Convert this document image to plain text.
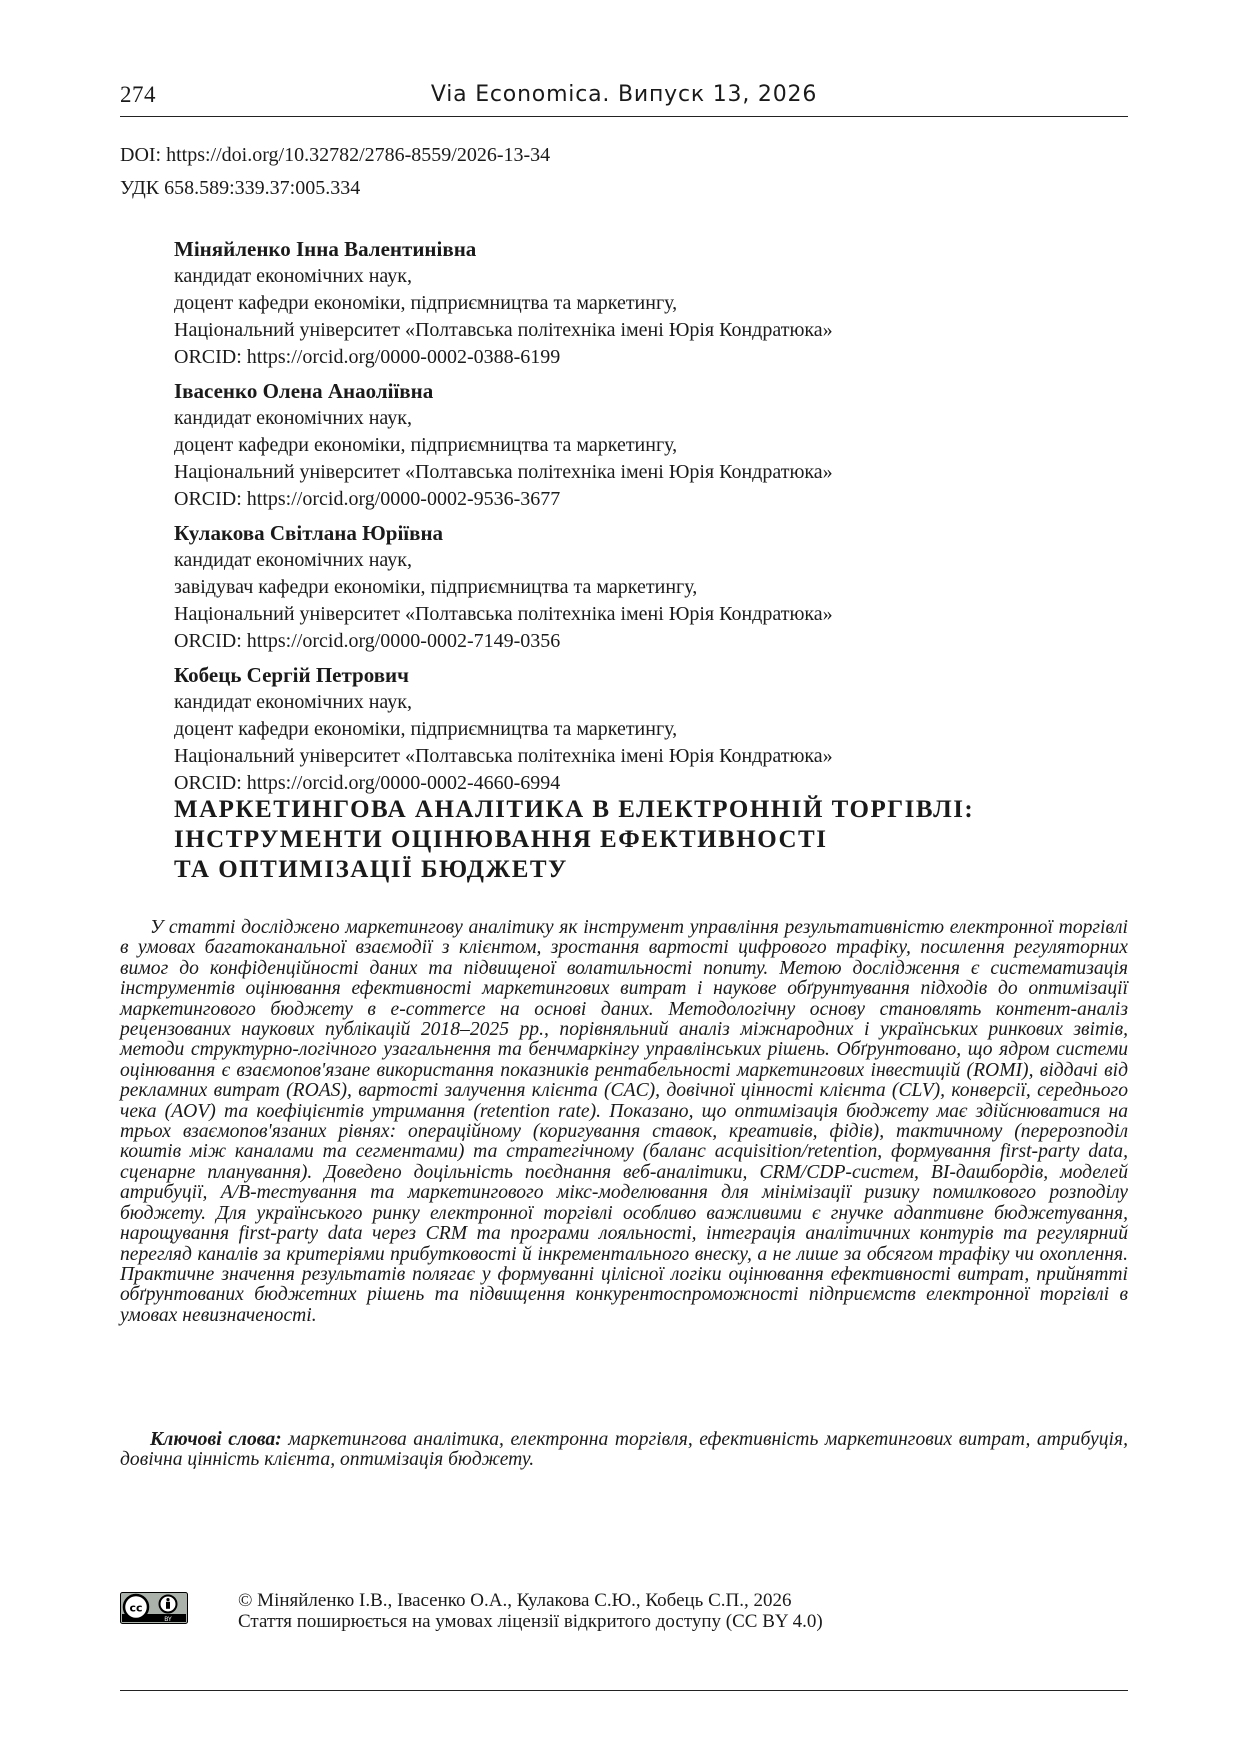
274	Via Economica. Випуск 13, 2026
DOI: https://doi.org/10.32782/2786-8559/2026-13-34
УДК 658.589:339.37:005.334
Міняйленко Інна Валентинівна
кандидат економічних наук,
доцент кафедри економіки, підприємництва та маркетингу,
Національний університет «Полтавська політехніка імені Юрія Кондратюка»
ORCID: https://orcid.org/0000-0002-0388-6199
Івасенко Олена Анаоліївна
кандидат економічних наук,
доцент кафедри економіки, підприємництва та маркетингу,
Національний університет «Полтавська політехніка імені Юрія Кондратюка»
ORCID: https://orcid.org/0000-0002-9536-3677
Кулакова Світлана Юріївна
кандидат економічних наук,
завідувач кафедри економіки, підприємництва та маркетингу,
Національний університет «Полтавська політехніка імені Юрія Кондратюка»
ORCID: https://orcid.org/0000-0002-7149-0356
Кобець Сергій Петрович
кандидат економічних наук,
доцент кафедри економіки, підприємництва та маркетингу,
Національний університет «Полтавська політехніка імені Юрія Кондратюка»
ORCID: https://orcid.org/0000-0002-4660-6994
МАРКЕТИНГОВА АНАЛІТИКА В ЕЛЕКТРОННІЙ ТОРГІВЛІ:
ІНСТРУМЕНТИ ОЦІНЮВАННЯ ЕФЕКТИВНОСТІ
ТА ОПТИМІЗАЦІЇ БЮДЖЕТУ

У статті досліджено маркетингову аналітику як інструмент управління результативністю електронної торгівлі в умовах багатоканальної взаємодії з клієнтом, зростання вартості цифрового трафіку, посилення регуляторних вимог до конфіденційності даних та підвищеної волатильності попиту. Метою дослідження є систематизація інструментів оцінювання ефективності маркетингових витрат і наукове обґрунтування підходів до оптимізації маркетингового бюджету в e-commerce на основі даних. Методологічну основу становлять контент-аналіз рецензованих наукових публікацій 2018–2025 рр., порівняльний аналіз міжнародних і українських ринкових звітів, методи структурно-логічного узагальнення та бенчмаркінгу управлінських рішень. Обґрунтовано, що ядром системи оцінювання є взаємопов'язане використання показників рентабельності маркетингових інвестицій (ROMI), віддачі від рекламних витрат (ROAS), вартості залучення клієнта (CAC), довічної цінності клієнта (CLV), конверсії, середнього чека (AOV) та коефіцієнтів утримання (retention rate). Показано, що оптимізація бюджету має здійснюватися на трьох взаємопов'язаних рівнях: операційному (коригування ставок, креативів, фідів), тактичному (перерозподіл коштів між каналами та сегментами) та стратегічному (баланс acquisition/retention, формування first-party data, сценарне планування). Доведено доцільність поєднання веб-аналітики, CRM/CDP-систем, BI-дашбордів, моделей атрибуції, A/B-тестування та маркетингового мікс-моделювання для мінімізації ризику помилкового розподілу бюджету. Для українського ринку електронної торгівлі особливо важливими є гнучке адаптивне бюджетування, нарощування first-party data через CRM та програми лояльності, інтеграція аналітичних контурів та регулярний перегляд каналів за критеріями прибутковості й інкрементального внеску, а не лише за обсягом трафіку чи охоплення. Практичне значення результатів полягає у формуванні цілісної логіки оцінювання ефективності витрат, прийнятті обґрунтованих бюджетних рішень та підвищення конкурентоспроможності підприємств електронної торгівлі в умовах невизначеності.

Ключові слова: маркетингова аналітика, електронна торгівля, ефективність маркетингових витрат, атрибуція, довічна цінність клієнта, оптимізація бюджету.

cc
BY
© Міняйленко І.В., Івасенко О.А., Кулакова С.Ю., Кобець С.П., 2026
Стаття поширюється на умовах ліцензії відкритого доступу (CC BY 4.0)
